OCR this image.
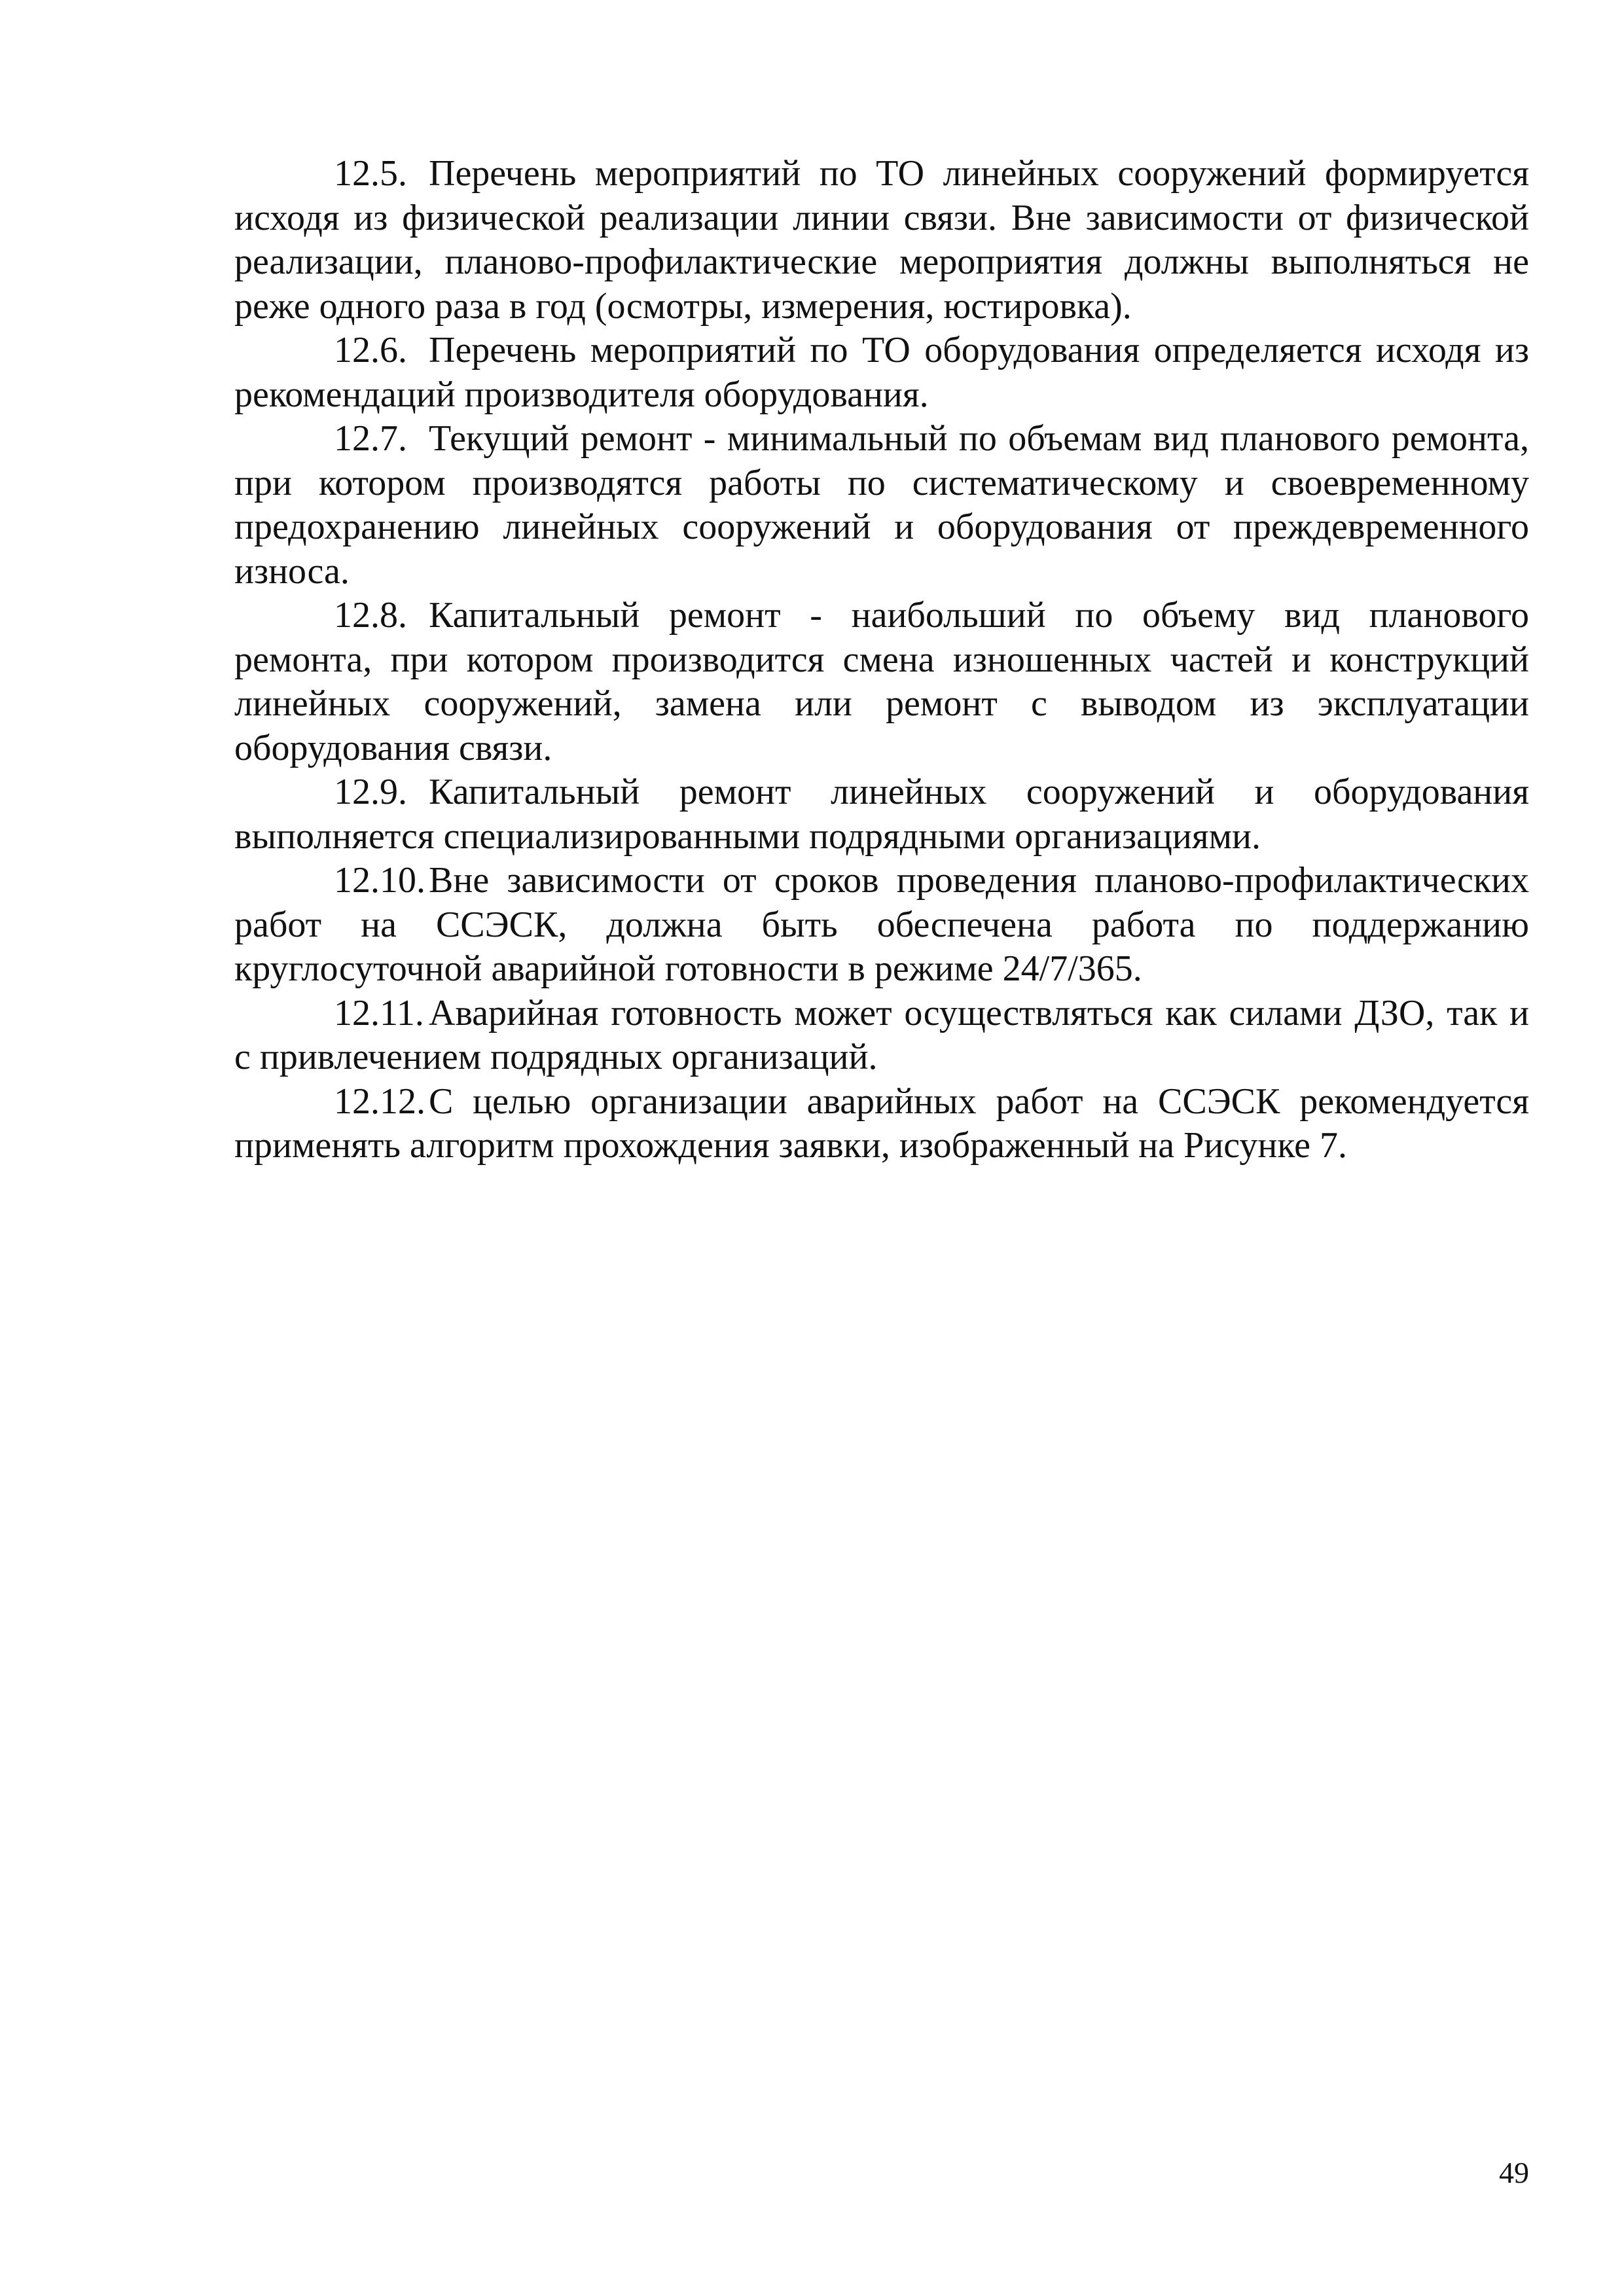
12.5. Перечень мероприятий по ТО линейных сооружений формируется исходя из физической реализации линии связи. Вне зависимости от физической реализации, планово-профилактические мероприятия должны выполняться не реже одного раза в год (осмотры, измерения, юстировка).

12.6. Перечень мероприятий по ТО оборудования определяется исходя из рекомендаций производителя оборудования.

12.7. Текущий ремонт - минимальный по объемам вид планового ремонта, при котором производятся работы по систематическому и своевременному предохранению линейных сооружений и оборудования от преждевременного износа.

12.8. Капитальный ремонт - наибольший по объему вид планового ремонта, при котором производится смена изношенных частей и конструкций линейных сооружений, замена или ремонт с выводом из эксплуатации оборудования связи.

12.9. Капитальный ремонт линейных сооружений и оборудования выполняется специализированными подрядными организациями.

12.10.Вне зависимости от сроков проведения планово-профилактических работ на ССЭСК, должна быть обеспечена работа по поддержанию круглосуточной аварийной готовности в режиме 24/7/365.

12.11. Аварийная готовность может осуществляться как силами ДЗО, так и с привлечением подрядных организаций.

12.12.С целью организации аварийных работ на ССЭСК рекомендуется применять алгоритм прохождения заявки, изображенный на Рисунке 7.

49
